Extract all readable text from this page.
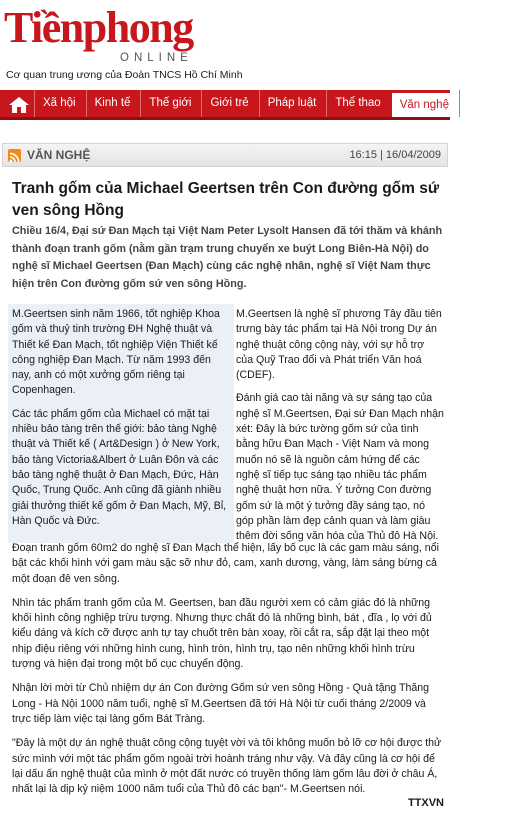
Tiềnphong
ONLINE
Cơ quan trung ương của Đoàn TNCS Hồ Chí Minh
Xã hội	Kinh tế	Thế giới	Giới trẻ	Pháp luật	Thể thao	Văn nghệ	Giải trí
VĂN NGHỆ	16:15 | 16/04/2009
Tranh gốm của Michael Geertsen trên Con đường gốm sứ ven sông Hồng
Chiều 16/4, Đại sứ Đan Mạch tại Việt Nam Peter Lysolt Hansen đã tới thăm và khánh thành đoạn tranh gốm (nằm gần trạm trung chuyển xe buýt Long Biên-Hà Nội) do nghệ sĩ Michael Geertsen (Đan Mạch) cùng các nghệ nhân, nghệ sĩ Việt Nam thực hiện trên Con đường gốm sứ ven sông Hồng.

M.Geertsen sinh năm 1966, tốt nghiệp Khoa gốm và thuỷ tinh trường ĐH Nghệ thuật và Thiết kế Đan Mạch, tốt nghiệp Viện Thiết kế công nghiệp Đan Mạch. Từ năm 1993 đến nay, anh có một xưởng gốm riêng tại Copenhagen.

Các tác phẩm gốm của Michael có mặt tại nhiều bảo tàng trên thế giới: bảo tàng Nghệ thuật và Thiết kế ( Art&Design ) ở New York, bảo tàng Victoria&Albert ở Luân Đôn và các bảo tàng nghệ thuật ở Đan Mạch, Đức, Hàn Quốc, Trung Quốc. Anh cũng đã giành nhiều giải thưởng thiết kế gốm ở Đan Mạch, Mỹ, Bỉ, Hàn Quốc và Đức.

M.Geertsen là nghệ sĩ phương Tây đầu tiên trưng bày tác phẩm tại Hà Nội trong Dự án nghệ thuật công cộng này, với sự hỗ trợ của Quỹ Trao đổi và Phát triển Văn hoá (CDEF).

Đánh giá cao tài năng và sự sáng tạo của nghệ sĩ M.Geertsen, Đại sứ Đan Mạch nhận xét: Đây là bức tường gốm sứ của tình bằng hữu Đan Mạch - Việt Nam và mong muốn nó sẽ là nguồn cảm hứng để các nghệ sĩ tiếp tục sáng tạo nhiều tác phẩm nghệ thuật hơn nữa. Ý tưởng Con đường gốm sứ là một ý tưởng đầy sáng tạo, nó góp phần làm đẹp cảnh quan và làm giàu thêm đời sống văn hóa của Thủ đô Hà Nội.

Đoạn tranh gốm 60m2 do nghệ sĩ Đan Mạch thể hiện, lấy bố cục là các gam màu sáng, nổi bật các khối hình với gam màu sặc sỡ như đỏ, cam, xanh dương, vàng, làm sáng bừng cả một đoạn đê ven sông.

Nhìn tác phẩm tranh gốm của M. Geertsen, ban đầu người xem có cảm giác đó là những khối hình công nghiệp trừu tượng. Nhưng thực chất đó là những bình, bát , đĩa , lọ với đủ kiểu dáng và kích cỡ được anh tự tay chuốt trên bàn xoay, rồi cắt ra, sắp đặt lại theo một nhịp điệu riêng với những hình cung, hình tròn, hình trụ, tạo nên những khối hình trừu tượng và hiện đại trong một bố cục chuyển động.

Nhận lời mời từ Chủ nhiệm dự án Con đường Gốm sứ ven sông Hồng - Quà tặng Thăng Long - Hà Nội 1000 năm tuổi, nghệ sĩ M.Geertsen đã tới Hà Nội từ cuối tháng 2/2009 và trực tiếp làm việc tại làng gốm Bát Tràng.

"Đây là một dự án nghệ thuật công cộng tuyệt vời và tôi không muốn bỏ lỡ cơ hội được thử sức mình với một tác phẩm gốm ngoài trời hoành tráng như vậy. Và đây cũng là cơ hội để lại dấu ấn nghệ thuật của mình ở một đất nước có truyền thống làm gốm lâu đời ở châu Á, nhất lại là dịp kỷ niệm 1000 năm tuổi của Thủ đô các bạn"- M.Geertsen nói.

TTXVN
